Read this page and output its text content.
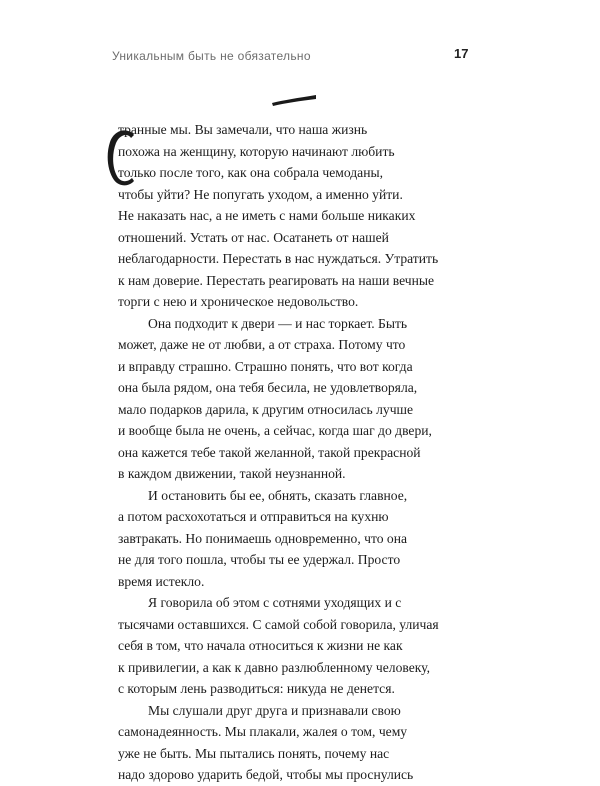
Уникальным быть не обязательно	17
С транные мы. Вы замечали, что наша жизнь
похожа на женщину, которую начинают любить
только после того, как она собрала чемоданы,
чтобы уйти? Не попугать уходом, а именно уйти.
Не наказать нас, а не иметь с нами больше никаких
отношений. Устать от нас. Осатанеть от нашей
неблагодарности. Перестать в нас нуждаться. Утратить
к нам доверие. Перестать реагировать на наши вечные
торги с нею и хроническое недовольство.
Она подходит к двери — и нас торкает. Быть
может, даже не от любви, а от страха. Потому что
и вправду страшно. Страшно понять, что вот когда
она была рядом, она тебя бесила, не удовлетворяла,
мало подарков дарила, к другим относилась лучше
и вообще была не очень, а сейчас, когда шаг до двери,
она кажется тебе такой желанной, такой прекрасной
в каждом движении, такой неузнанной.
И остановить бы ее, обнять, сказать главное,
а потом расхохотаться и отправиться на кухню
завтракать. Но понимаешь одновременно, что она
не для того пошла, чтобы ты ее удержал. Просто
время истекло.
Я говорила об этом с сотнями уходящих и с
тысячами оставшихся. С самой собой говорила, уличая
себя в том, что начала относиться к жизни не как
к привилегии, а как к давно разлюбленному человеку,
с которым лень разводиться: никуда не денется.
Мы слушали друг друга и признавали свою
самонадеянность. Мы плакали, жалея о том, чему
уже не быть. Мы пытались понять, почему нас
надо здорово ударить бедой, чтобы мы проснулись
